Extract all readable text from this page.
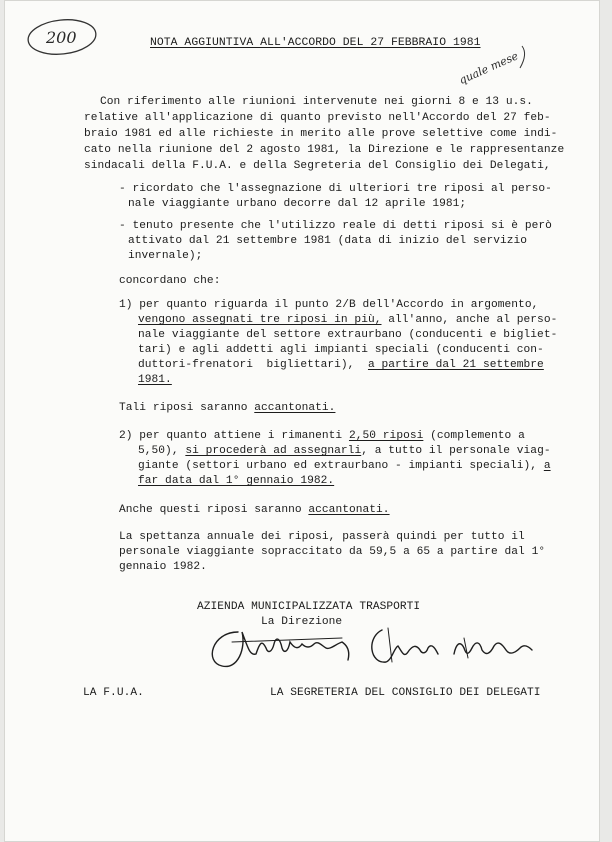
200	NOTA AGGIUNTIVA ALL'ACCORDO DEL 27 FEBBRAIO 1981
quale mese
Con riferimento alle riunioni intervenute nei giorni 8 e 13 u.s.
relative all'applicazione di quanto previsto nell'Accordo del 27 feb-
braio 1981 ed alle richieste in merito alle prove selettive come indi-
cato nella riunione del 2 agosto 1981, la Direzione e le rappresentanze
sindacali della F.U.A. e della Segreteria del Consiglio dei Delegati,
- ricordato che l'assegnazione di ulteriori tre riposi al perso-
nale viaggiante urbano decorre dal 12 aprile 1981;
- tenuto presente che l'utilizzo reale di detti riposi si è però
attivato dal 21 settembre 1981 (data di inizio del servizio
invernale);
concordano che:
1) per quanto riguarda il punto 2/B dell'Accordo in argomento,
vengono assegnati tre riposi in più, all'anno, anche al perso-
nale viaggiante del settore extraurbano (conducenti e bigliet-
tari) e agli addetti agli impianti speciali (conducenti con-
duttori-frenatori  bigliettari),  a partire dal 21 settembre
1981.
Tali riposi saranno accantonati.
2) per quanto attiene i rimanenti 2,50 riposi (complemento a
5,50), si procederà ad assegnarli, a tutto il personale viag-
giante (settori urbano ed extraurbano - impianti speciali), a
far data dal 1° gennaio 1982.
Anche questi riposi saranno accantonati.
La spettanza annuale dei riposi, passerà quindi per tutto il
personale viaggiante sopraccitato da 59,5 a 65 a partire dal 1°
gennaio 1982.
AZIENDA MUNICIPALIZZATA TRASPORTI
La Direzione
LA F.U.A.	LA SEGRETERIA DEL CONSIGLIO DEI DELEGATI
